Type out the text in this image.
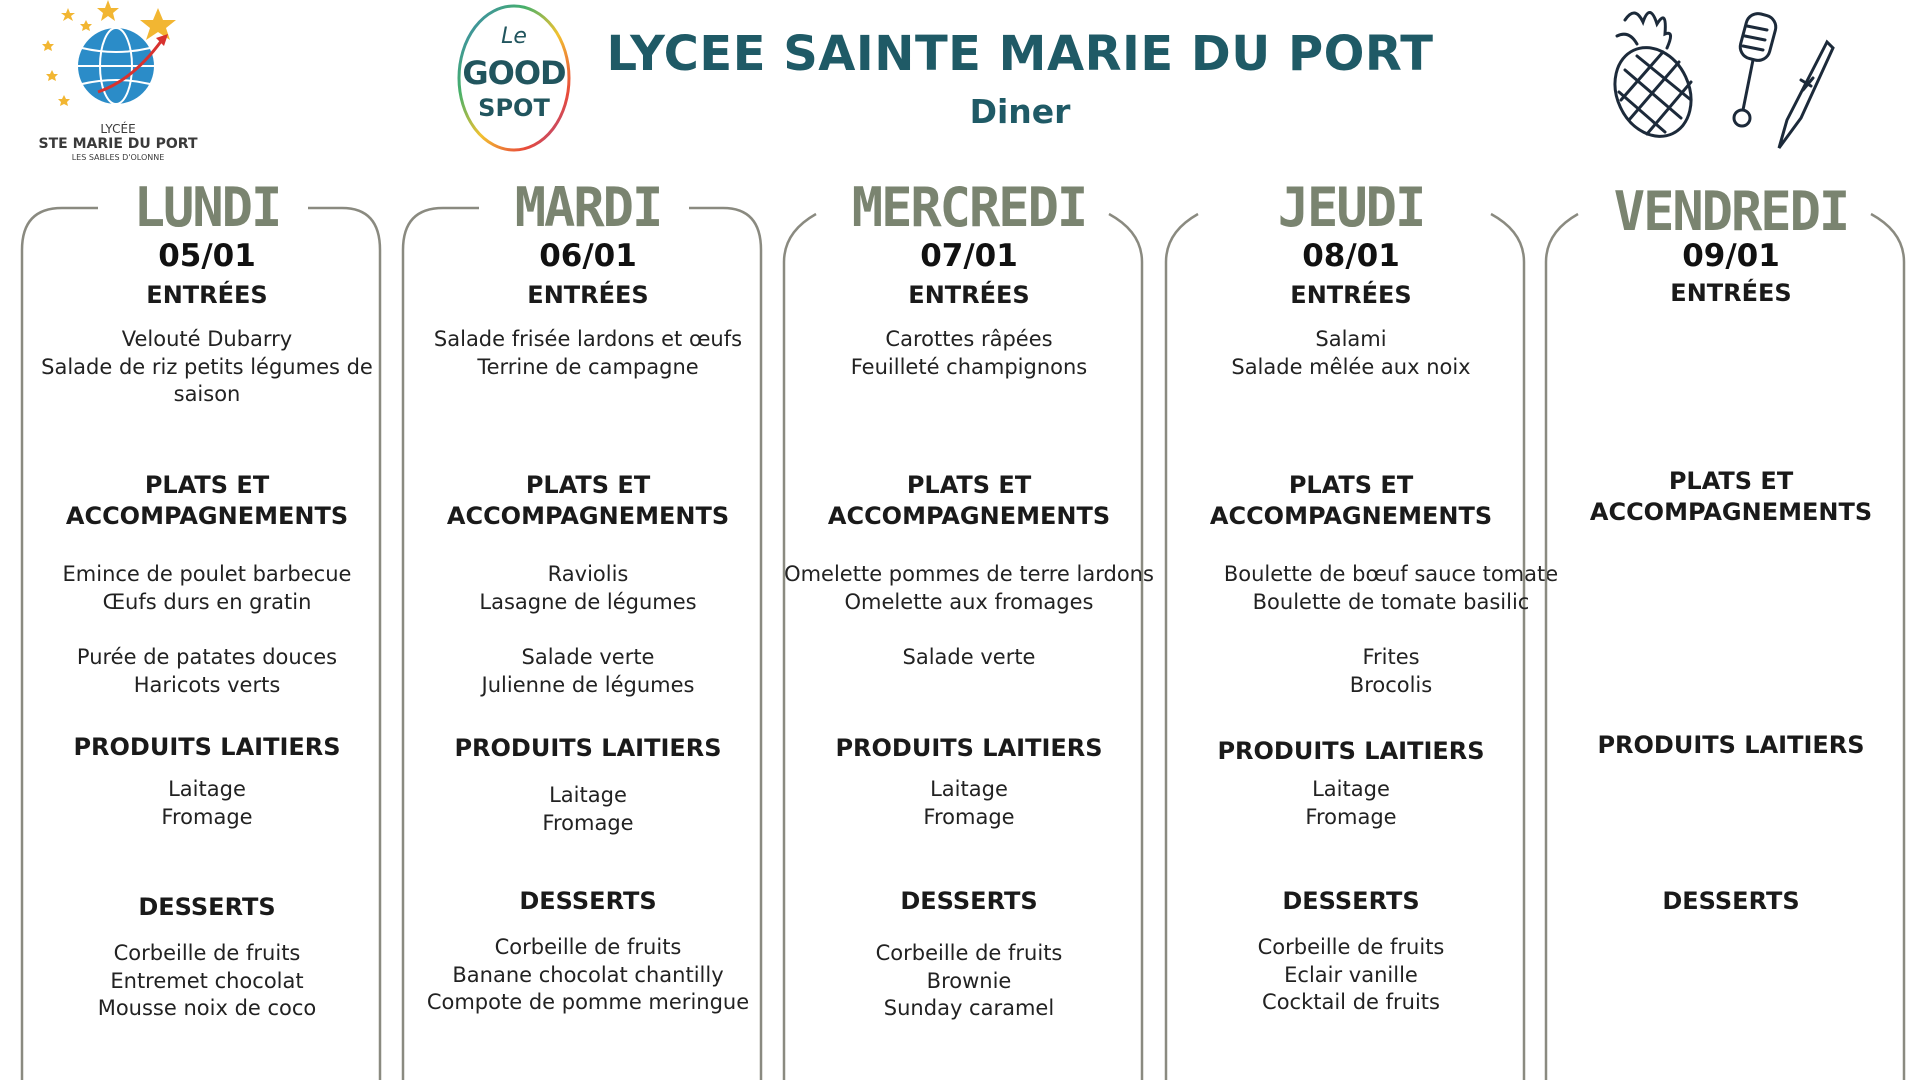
LYCEE SAINTE MARIE DU PORT
Diner
LYCÉE
STE MARIE DU PORT
LES SABLES D'OLONNE
Le
GOOD
SPOT
LUNDI
05/01
ENTRÉES
Velouté Dubarry
Salade de riz petits légumes de
saison
PLATS ET
ACCOMPAGNEMENTS
Emince de poulet barbecue
Œufs durs en gratin
Purée de patates douces
Haricots verts
PRODUITS LAITIERS
Laitage
Fromage
DESSERTS
Corbeille de fruits
Entremet chocolat
Mousse noix de coco
MARDI
06/01
ENTRÉES
Salade frisée lardons et œufs
Terrine de campagne
PLATS ET
ACCOMPAGNEMENTS
Raviolis
Lasagne de légumes
Salade verte
Julienne de légumes
PRODUITS LAITIERS
Laitage
Fromage
DESSERTS
Corbeille de fruits
Banane chocolat chantilly
Compote de pomme meringue
MERCREDI
07/01
ENTRÉES
Carottes râpées
Feuilleté champignons
PLATS ET
ACCOMPAGNEMENTS
Omelette pommes de terre lardons
Omelette aux fromages
Salade verte
PRODUITS LAITIERS
Laitage
Fromage
DESSERTS
Corbeille de fruits
Brownie
Sunday caramel
JEUDI
08/01
ENTRÉES
Salami
Salade mêlée aux noix
PLATS ET
ACCOMPAGNEMENTS
Boulette de bœuf sauce tomate
Boulette de tomate basilic
Frites
Brocolis
PRODUITS LAITIERS
Laitage
Fromage
DESSERTS
Corbeille de fruits
Eclair vanille
Cocktail de fruits
VENDREDI
09/01
ENTRÉES
PLATS ET
ACCOMPAGNEMENTS
PRODUITS LAITIERS
DESSERTS
